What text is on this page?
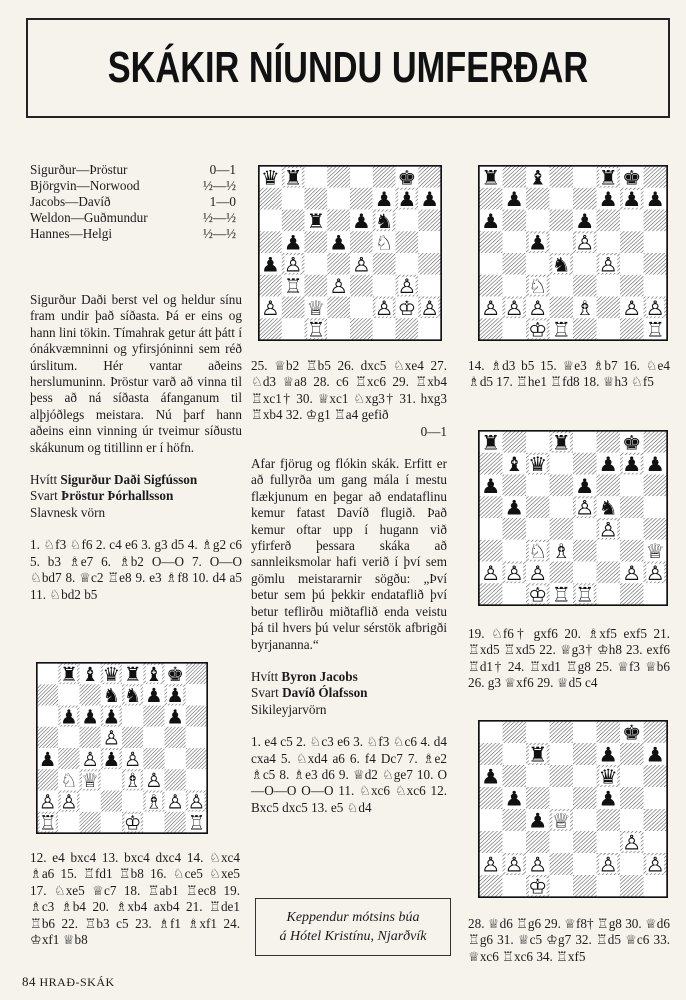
SKÁKIR NÍUNDU UMFERÐAR
Sigurður—Þröstur	0—1
Björgvin—Norwood	½—½
Jacobs—Davíð	1—0
Weldon—Guðmundur	½—½
Hannes—Helgi	½—½

Sigurður Daði berst vel og heldur sínu fram undir það síðasta. Þá er eins og hann lini tökin. Tímahrak getur átt þátt í ónákvæmninni og yfirsjóninni sem réð úrslitum. Hér vantar aðeins herslumuninn. Þröstur varð að vinna til þess að ná síðasta áfanganum til alþjóðlegs meistara. Nú þarf hann aðeins einn vinning úr tveimur síðustu skákunum og titillinn er í höfn.

Hvítt Sigurður Daði Sigfússon
Svart Þröstur Þórhallsson
Slavnesk vörn

1. ♘f3 ♘f6 2. c4 e6 3. g3 d5 4. ♗g2 c6 5. b3 ♗e7 6. ♗b2 O—O 7. O—O ♘bd7 8. ♕c2 ♖e8 9. e3 ♗f8 10. d4 a5 11. ♘bd2 b5

12. e4 bxc4 13. bxc4 dxc4 14. ♘xc4 ♗a6 15. ♖fd1 ♖b8 16. ♘ce5 ♘xe5 17. ♘xe5 ♕c7 18. ♖ab1 ♖ec8 19. ♗c3 ♗b4 20. ♗xb4 axb4 21. ♖de1 ♖b6 22. ♖b3 c5 23. ♗f1 ♗xf1 24. ♔xf1 ♕b8

25. ♕b2 ♖b5 26. dxc5 ♘xe4 27. ♘d3 ♕a8 28. c6 ♖xc6 29. ♖xb4 ♖xc1† 30. ♕xc1 ♘xg3† 31. hxg3 ♖xb4 32. ♔g1 ♖a4 gefið

0—1

Afar fjörug og flókin skák. Erfitt er að fullyrða um gang mála í mestu flækjunum en þegar að endataflinu kemur fatast Davíð flugið. Það kemur oftar upp í hugann við yfirferð þessara skáka að sannleiksmolar hafi verið í því sem gömlu meistararnir sögðu: „Því betur sem þú þekkir endataflið því betur teflirðu miðtaflið enda veistu þá til hvers þú velur sérstök afbrigði byrjananna.“

Hvítt Byron Jacobs
Svart Davíð Ólafsson
Sikileyjarvörn

1. e4 c5 2. ♘c3 e6 3. ♘f3 ♘c6 4. d4 cxa4 5. ♘xd4 a6 6. f4 Dc7 7. ♗e2 ♗c5 8. ♗e3 d6 9. ♕d2 ♘ge7 10. O—O—O O—O 11. ♘xc6 ♘xc6 12. Bxc5 dxc5 13. e5 ♘d4

14. ♗d3 b5 15. ♕e3 ♗b7 16. ♘e4 ♗d5 17. ♖he1 ♖fd8 18. ♕h3 ♘f5

19. ♘f6† gxf6 20. ♗xf5 exf5 21. ♖xd5 ♖xd5 22. ♕g3† ♔h8 23. exf6 ♖d1† 24. ♖xd1 ♖g8 25. ♕f3 ♕b6 26. g3 ♕xf6 29. ♕d5 c4

28. ♕d6 ♖g6 29. ♕f8† ♖g8 30. ♕d6 ♖g6 31. ♕c5 ♔g7 32. ♖d5 ♕c6 33. ♕xc6 ♖xc6 34. ♖xf5

Keppendur mótsins búa
á Hótel Kristínu, Njarðvík
84 HRAÐ-SKÁK
